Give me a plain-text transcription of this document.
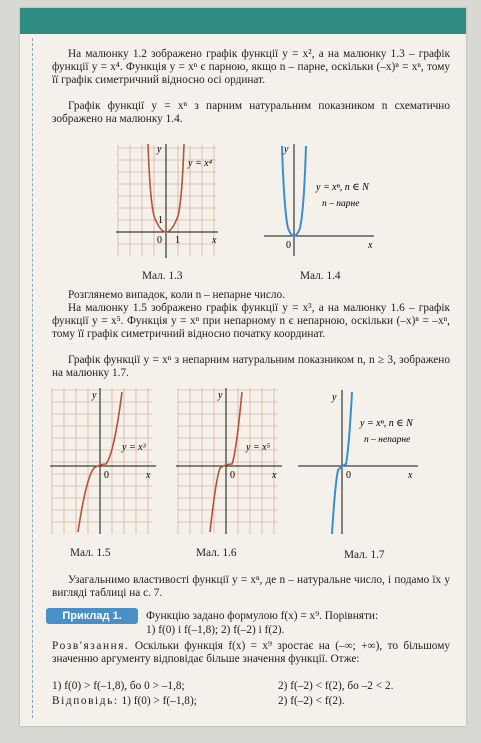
На малюнку 1.2 зображено графік функції y = x², а на малюнку 1.3 – графік функції y = x⁴. Функція y = xⁿ є парною, якщо n – парне, оскільки (–x)ⁿ = xⁿ, тому її графік симетричний відносно осі ординат.

Графік функції y = xⁿ з парним натуральним показником n схематично зображено на малюнку 1.4.

y
x
0 1
1
y = x⁴
Мал. 1.3
y
x
0
y = xⁿ, n ∈ N
n – парне
Мал. 1.4

Розглянемо випадок, коли n – непарне число.

На малюнку 1.5 зображено графік функції y = x³, а на малюнку 1.6 – графік функції y = x⁵. Функція y = xⁿ при непарному n є непарною, оскільки (–x)ⁿ = –xⁿ, тому її графік симетричний відносно початку координат.

Графік функції y = xⁿ з непарним натуральним показником n, n ≥ 3, зображено на малюнку 1.7.

y
x
0
y = x³
Мал. 1.5
y
x
0
y = x⁵
Мал. 1.6
y
x
0
y = xⁿ, n ∈ N
n – непарне
Мал. 1.7

Узагальнимо властивості функції y = xⁿ, де n – натуральне число, і подамо їх у вигляді таблиці на с. 7.

Приклад 1.	Функцію задано формулою f(x) = x⁹. Порівняти:

1) f(0) і f(–1,8); 2) f(–2) і f(2).

Розв'язання. Оскільки функція f(x) = x⁹ зростає на (–∞; +∞), то більшому значенню аргументу відповідає більше значення функції. Отже:

1) f(0) > f(–1,8), бо 0 > –1,8;	2) f(–2) < f(2), бо –2 < 2.

Відповідь: 1) f(0) > f(–1,8);	2) f(–2) < f(2).
